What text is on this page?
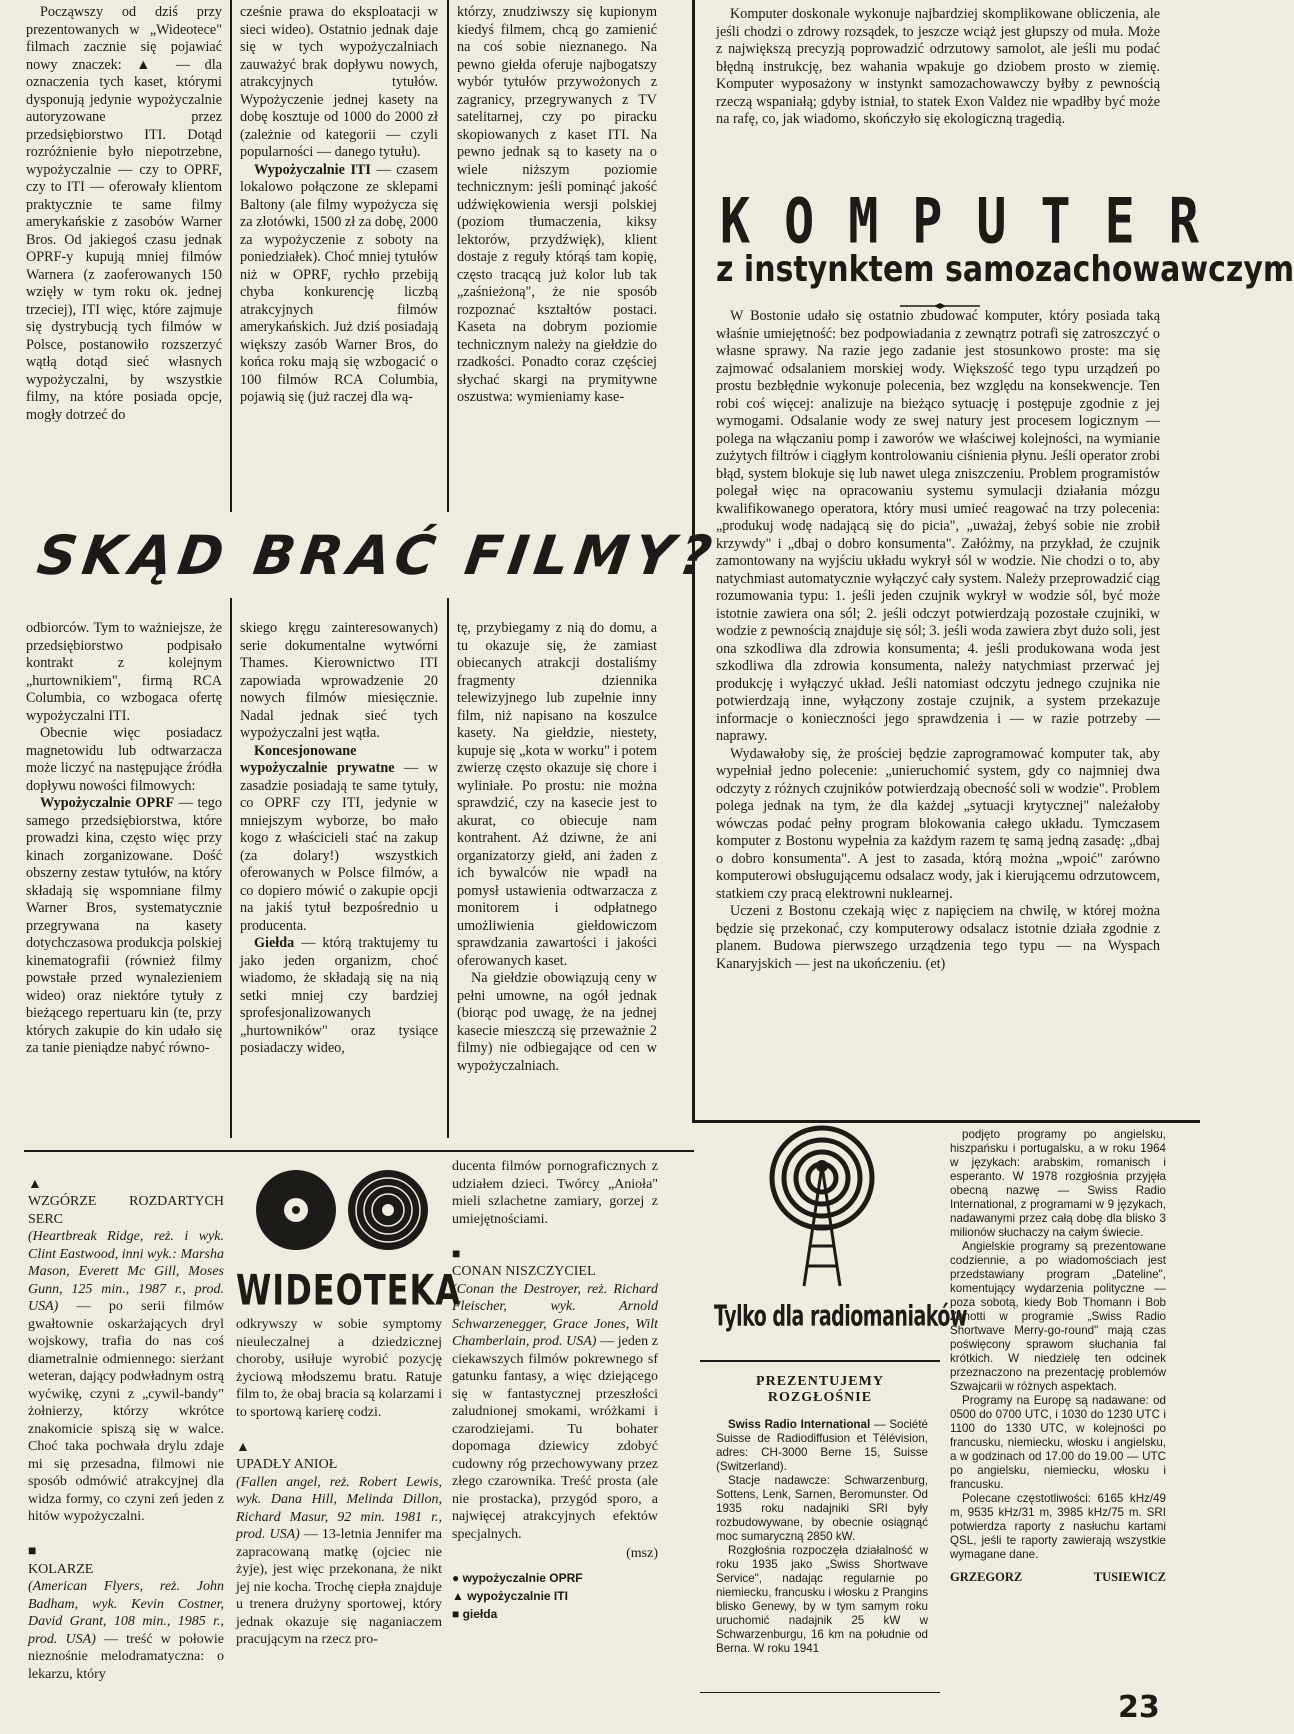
Począwszy od dziś przy prezentowanych w „Wideotece" filmach zacznie się pojawiać nowy znaczek: ▲ — dla oznaczenia tych kaset, którymi dysponują jedynie wypożyczalnie autoryzowane przez przedsiębiorstwo ITI. Dotąd rozróżnienie było niepotrzebne, wypożyczalnie — czy to OPRF, czy to ITI — oferowały klientom praktycznie te same filmy amerykańskie z zasobów Warner Bros. Od jakiegoś czasu jednak OPRF-y kupują mniej filmów Warnera (z zaoferowanych 150 wzięły w tym roku ok. jednej trzeciej), ITI więc, które zajmuje się dystrybucją tych filmów w Polsce, postanowiło rozszerzyć wątłą dotąd sieć własnych wypożyczalni, by wszystkie filmy, na które posiada opcje, mogły dotrzeć do

cześnie prawa do eksploatacji w sieci wideo). Ostatnio jednak daje się w tych wypożyczalniach zauważyć brak dopływu nowych, atrakcyjnych tytułów. Wypożyczenie jednej kasety na dobę kosztuje od 1000 do 2000 zł (zależnie od kategorii — czyli popularności — danego tytułu).

Wypożyczalnie ITI — czasem lokalowo połączone ze sklepami Baltony (ale filmy wypożycza się za złotówki, 1500 zł za dobę, 2000 za wypożyczenie z soboty na poniedziałek). Choć mniej tytułów niż w OPRF, rychło przebiją chyba konkurencję liczbą atrakcyjnych filmów amerykańskich. Już dziś posiadają większy zasób Warner Bros, do końca roku mają się wzbogacić o 100 filmów RCA Columbia, pojawią się (już raczej dla wą-

którzy, znudziwszy się kupionym kiedyś filmem, chcą go zamienić na coś sobie nieznanego. Na pewno giełda oferuje najbogatszy wybór tytułów przywożonych z zagranicy, przegrywanych z TV satelitarnej, czy po piracku skopiowanych z kaset ITI. Na pewno jednak są to kasety na o wiele niższym poziomie technicznym: jeśli pominąć jakość udźwiękowienia wersji polskiej (poziom tłumaczenia, kiksy lektorów, przydźwięk), klient dostaje z reguły którąś tam kopię, często tracącą już kolor lub tak „zaśnieżoną", że nie sposób rozpoznać kształtów postaci. Kaseta na dobrym poziomie technicznym należy na giełdzie do rzadkości. Ponadto coraz częściej słychać skargi na prymitywne oszustwa: wymieniamy kase-

SKĄD BRAĆ FILMY?

odbiorców. Tym to ważniejsze, że przedsiębiorstwo podpisało kontrakt z kolejnym „hurtownikiem", firmą RCA Columbia, co wzbogaca ofertę wypożyczalni ITI.

Obecnie więc posiadacz magnetowidu lub odtwarzacza może liczyć na następujące źródła dopływu nowości filmowych:

Wypożyczalnie OPRF — tego samego przedsiębiorstwa, które prowadzi kina, często więc przy kinach zorganizowane. Dość obszerny zestaw tytułów, na który składają się wspomniane filmy Warner Bros, systematycznie przegrywana na kasety dotychczasowa produkcja polskiej kinematografii (również filmy powstałe przed wynalezieniem wideo) oraz niektóre tytuły z bieżącego repertuaru kin (te, przy których zakupie do kin udało się za tanie pieniądze nabyć równo-

skiego kręgu zainteresowanych) serie dokumentalne wytwórni Thames. Kierownictwo ITI zapowiada wprowadzenie 20 nowych filmów miesięcznie. Nadal jednak sieć tych wypożyczalni jest wątła.

Koncesjonowane wypożyczalnie prywatne — w zasadzie posiadają te same tytuły, co OPRF czy ITI, jedynie w mniejszym wyborze, bo mało kogo z właścicieli stać na zakup (za dolary!) wszystkich oferowanych w Polsce filmów, a co dopiero mówić o zakupie opcji na jakiś tytuł bezpośrednio u producenta.

Giełda — którą traktujemy tu jako jeden organizm, choć wiadomo, że składają się na nią setki mniej czy bardziej sprofesjonalizowanych „hurtowników" oraz tysiące posiadaczy wideo,

tę, przybiegamy z nią do domu, a tu okazuje się, że zamiast obiecanych atrakcji dostaliśmy fragmenty dziennika telewizyjnego lub zupełnie inny film, niż napisano na koszulce kasety. Na giełdzie, niestety, kupuje się „kota w worku" i potem zwierzę często okazuje się chore i wyliniałe. Po prostu: nie można sprawdzić, czy na kasecie jest to akurat, co obiecuje nam kontrahent. Aż dziwne, że ani organizatorzy giełd, ani żaden z ich bywalców nie wpadł na pomysł ustawienia odtwarzacza z monitorem i odpłatnego umożliwienia giełdowiczom sprawdzania zawartości i jakości oferowanych kaset.

Na giełdzie obowiązują ceny w pełni umowne, na ogół jednak (biorąc pod uwagę, że na jednej kasecie mieszczą się przeważnie 2 filmy) nie odbiegające od cen w wypożyczalniach.

Komputer doskonale wykonuje najbardziej skomplikowane obliczenia, ale jeśli chodzi o zdrowy rozsądek, to jeszcze wciąż jest głupszy od muła. Może z największą precyzją poprowadzić odrzutowy samolot, ale jeśli mu podać błędną instrukcję, bez wahania wpakuje go dziobem prosto w ziemię. Komputer wyposażony w instynkt samozachowawczy byłby z pewnością rzeczą wspaniałą; gdyby istniał, to statek Exon Valdez nie wpadłby być może na rafę, co, jak wiadomo, skończyło się ekologiczną tragedią.

KOMPUTER
z instynktem samozachowawczym

W Bostonie udało się ostatnio zbudować komputer, który posiada taką właśnie umiejętność: bez podpowiadania z zewnątrz potrafi się zatroszczyć o własne sprawy. Na razie jego zadanie jest stosunkowo proste: ma się zajmować odsalaniem morskiej wody. Większość tego typu urządzeń po prostu bezbłędnie wykonuje polecenia, bez względu na konsekwencje. Ten robi coś więcej: analizuje na bieżąco sytuację i postępuje zgodnie z jej wymogami. Odsalanie wody ze swej natury jest procesem logicznym — polega na włączaniu pomp i zaworów we właściwej kolejności, na wymianie zużytych filtrów i ciągłym kontrolowaniu ciśnienia płynu. Jeśli operator zrobi błąd, system blokuje się lub nawet ulega zniszczeniu. Problem programistów polegał więc na opracowaniu systemu symulacji działania mózgu kwalifikowanego operatora, który musi umieć reagować na trzy polecenia: „produkuj wodę nadającą się do picia", „uważaj, żebyś sobie nie zrobił krzywdy" i „dbaj o dobro konsumenta". Załóżmy, na przykład, że czujnik zamontowany na wyjściu układu wykrył sól w wodzie. Nie chodzi o to, aby natychmiast automatycznie wyłączyć cały system. Należy przeprowadzić ciąg rozumowania typu: 1. jeśli jeden czujnik wykrył w wodzie sól, być może istotnie zawiera ona sól; 2. jeśli odczyt potwierdzają pozostałe czujniki, w wodzie z pewnością znajduje się sól; 3. jeśli woda zawiera zbyt dużo soli, jest ona szkodliwa dla zdrowia konsumenta; 4. jeśli produkowana woda jest szkodliwa dla zdrowia konsumenta, należy natychmiast przerwać jej produkcję i wyłączyć układ. Jeśli natomiast odczytu jednego czujnika nie potwierdzają inne, wyłączony zostaje czujnik, a system przekazuje informacje o konieczności jego sprawdzenia i — w razie potrzeby — naprawy.

Wydawałoby się, że prościej będzie zaprogramować komputer tak, aby wypełniał jedno polecenie: „unieruchomić system, gdy co najmniej dwa odczyty z różnych czujników potwierdzają obecność soli w wodzie". Problem polega jednak na tym, że dla każdej „sytuacji krytycznej" należałoby wówczas podać pełny program blokowania całego układu. Tymczasem komputer z Bostonu wypełnia za każdym razem tę samą jedną zasadę: „dbaj o dobro konsumenta". A jest to zasada, którą można „wpoić" zarówno komputerowi obsługującemu odsalacz wody, jak i kierującemu odrzutowcem, statkiem czy pracą elektrowni nuklearnej.

Uczeni z Bostonu czekają więc z napięciem na chwilę, w której można będzie się przekonać, czy komputerowy odsalacz istotnie działa zgodnie z planem. Budowa pierwszego urządzenia tego typu — na Wyspach Kanaryjskich — jest na ukończeniu. (et)

▲
WZGÓRZE ROZDARTYCH SERC
(Heartbreak Ridge, reż. i wyk. Clint Eastwood, inni wyk.: Marsha Mason, Everett Mc Gill, Moses Gunn, 125 min., 1987 r., prod. USA) — po serii filmów gwałtownie oskarżających dryl wojskowy, trafia do nas coś diametralnie odmiennego: sierżant weteran, dający podwładnym ostrą wyćwikę, czyni z „cywil-bandy" żołnierzy, którzy wkrótce znakomicie spiszą się w walce. Choć taka pochwała drylu zdaje mi się przesadna, filmowi nie sposób odmówić atrakcyjnej dla widza formy, co czyni zeń jeden z hitów wypożyczalni.

■
KOLARZE
(American Flyers, reż. John Badham, wyk. Kevin Costner, David Grant, 108 min., 1985 r., prod. USA) — treść w połowie nieznośnie melodramatyczna: o lekarzu, który

WIDEOTEKA

odkrywszy w sobie symptomy nieuleczalnej a dziedzicznej choroby, usiłuje wyrobić pozycję życiową młodszemu bratu. Ratuje film to, że obaj bracia są kolarzami i to sportową karierę codzi.

▲
UPADŁY ANIOŁ
(Fallen angel, reż. Robert Lewis, wyk. Dana Hill, Melinda Dillon, Richard Masur, 92 min. 1981 r., prod. USA) — 13-letnia Jennifer ma zapracowaną matkę (ojciec nie żyje), jest więc przekonana, że nikt jej nie kocha. Trochę ciepła znajduje u trenera drużyny sportowej, który jednak okazuje się naganiaczem pracującym na rzecz pro-

ducenta filmów pornograficznych z udziałem dzieci. Twórcy „Anioła" mieli szlachetne zamiary, gorzej z umiejętnościami.

■
CONAN NISZCZYCIEL
(Conan the Destroyer, reż. Richard Fleischer, wyk. Arnold Schwarzenegger, Grace Jones, Wilt Chamberlain, prod. USA) — jeden z ciekawszych filmów pokrewnego sf gatunku fantasy, a więc dziejącego się w fantastycznej przeszłości zaludnionej smokami, wróżkami i czarodziejami. Tu bohater dopomaga dziewicy zdobyć cudowny róg przechowywany przez złego czarownika. Treść prosta (ale nie prostacka), przygód sporo, a najwięcej atrakcyjnych efektów specjalnych.

(msz)
● wypożyczalnie OPRF
▲ wypożyczalnie ITI
■ giełda
Tylko dla radiomaniaków
PREZENTUJEMY
ROZGŁOŚNIE

Swiss Radio International — Société Suisse de Radiodiffusion et Télévision, adres: CH-3000 Berne 15, Suisse (Switzerland).

Stacje nadawcze: Schwarzenburg, Sottens, Lenk, Sarnen, Beromunster. Od 1935 roku nadajniki SRI były rozbudowywane, by obecnie osiągnąć moc sumaryczną 2850 kW.

Rozgłośnia rozpoczęła działalność w roku 1935 jako „Swiss Shortwave Service", nadając regularnie po niemiecku, francusku i włosku z Prangins blisko Genewy, by w tym samym roku uruchomić nadajnik 25 kW w Schwarzenburgu, 16 km na południe od Berna. W roku 1941

podjęto programy po angielsku, hiszpańsku i portugalsku, a w roku 1964 w językach: arabskim, romanisch i esperanto. W 1978 rozgłośnia przyjęła obecną nazwę — Swiss Radio International, z programami w 9 językach, nadawanymi przez całą dobę dla blisko 3 milionów słuchaczy na całym świecie.

Angielskie programy są prezentowane codziennie, a po wiadomościach jest przedstawiany program „Dateline", komentujący wydarzenia polityczne — poza sobotą, kiedy Bob Thomann i Bob Zanotti w programie „Swiss Radio Shortwave Merry-go-round" mają czas poświęcony sprawom słuchania fal krótkich. W niedzielę ten odcinek przeznaczono na prezentację problemów Szwajcarii w różnych aspektach.

Programy na Europę są nadawane: od 0500 do 0700 UTC, i 1030 do 1230 UTC i 1100 do 1330 UTC, w kolejności po francusku, niemiecku, włosku i angielsku, a w godzinach od 17.00 do 19.00 — UTC po angielsku, niemiecku, włosku i francusku.

Polecane częstotliwości: 6165 kHz/49 m, 9535 kHz/31 m, 3985 kHz/75 m. SRI potwierdza raporty z nasłuchu kartami QSL, jeśli te raporty zawierają wszystkie wymagane dane.

GRZEGORZ TUSIEWICZ
23
